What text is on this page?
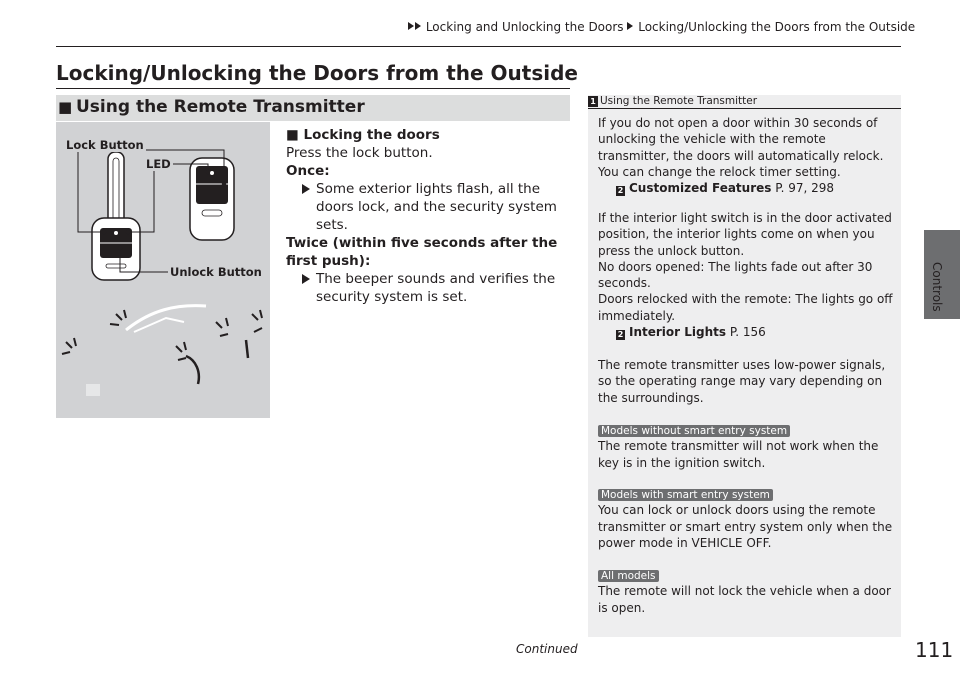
Locking and Unlocking the Doors Locking/Unlocking the Doors from the Outside
Locking/Unlocking the Doors from the Outside
■ Using the Remote Transmitter
Lock Button
LED
Unlock Button

■ Locking the doors

Press the lock button.

Once:

Some exterior lights flash, all the doors lock, and the security system sets.

Twice (within five seconds after the first push):

The beeper sounds and verifies the security system is set.

1 Using the Remote Transmitter

If you do not open a door within 30 seconds of unlocking the vehicle with the remote transmitter, the doors will automatically relock.

You can change the relock timer setting.

2 Customized Features P. 97, 298

If the interior light switch is in the door activated position, the interior lights come on when you press the unlock button.

No doors opened: The lights fade out after 30 seconds.

Doors relocked with the remote: The lights go off immediately.

2 Interior Lights P. 156

The remote transmitter uses low-power signals, so the operating range may vary depending on the surroundings.

Models without smart entry system

The remote transmitter will not work when the key is in the ignition switch.

Models with smart entry system

You can lock or unlock doors using the remote transmitter or smart entry system only when the power mode in VEHICLE OFF.

All models

The remote will not lock the vehicle when a door is open.

Controls
Continued	111
